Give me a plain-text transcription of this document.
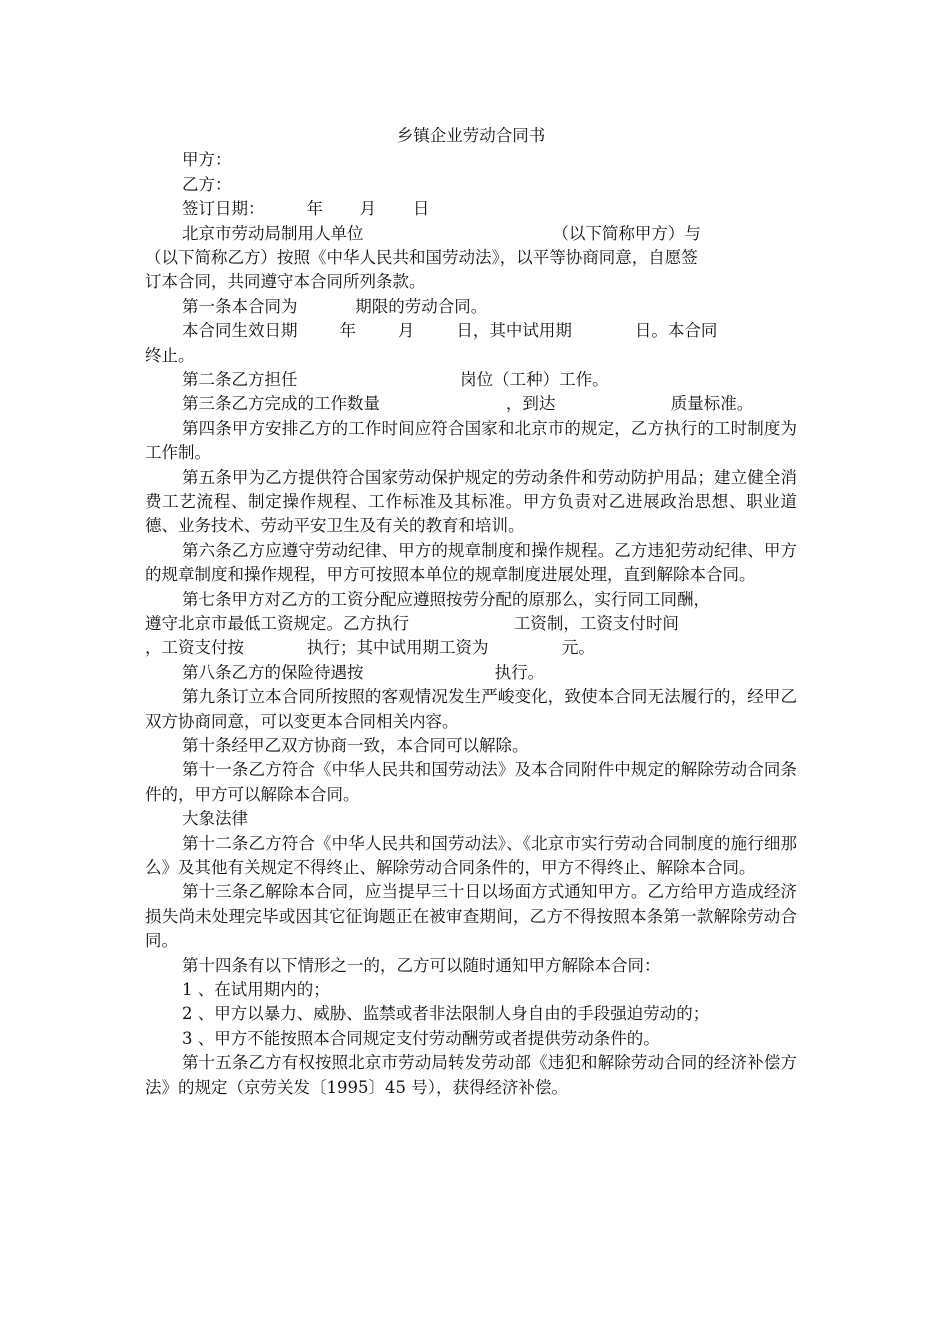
乡镇企业劳动合同书

甲方：

乙方：

签订日期：        年       月       日

北京市劳动局制用人单位                                    （以下简称甲方）与

（以下简称乙方）按照《中华人民共和国劳动法》，以平等协商同意，自愿签

订本合同，共同遵守本合同所列条款。

第一条本合同为           期限的劳动合同。

本合同生效日期        年        月        日，其中试用期            日。本合同

终止。

第二条乙方担任                               岗位（工种）工作。

第三条乙方完成的工作数量                        ，到达                      质量标准。

第四条甲方安排乙方的工作时间应符合国家和北京市的规定，乙方执行的工时制度为 工作制。

第五条甲为乙方提供符合国家劳动保护规定的劳动条件和劳动防护用品；建立健全消费工艺流程、制定操作规程、工作标准及其标准。甲方负责对乙进展政治思想、职业道德、业务技术、劳动平安卫生及有关的教育和培训。

第六条乙方应遵守劳动纪律、甲方的规章制度和操作规程。乙方违犯劳动纪律、甲方的规章制度和操作规程，甲方可按照本单位的规章制度进展处理，直到解除本合同。

第七条甲方对乙方的工资分配应遵照按劳分配的原那么，实行同工同酬，

遵守北京市最低工资规定。乙方执行                    工资制，工资支付时间

，工资支付按            执行；其中试用期工资为              元。

第八条乙方的保险待遇按                         执行。

第九条订立本合同所按照的客观情况发生严峻变化，致使本合同无法履行的，经甲乙双方协商同意，可以变更本合同相关内容。

第十条经甲乙双方协商一致，本合同可以解除。

第十一条乙方符合《中华人民共和国劳动法》及本合同附件中规定的解除劳动合同条件的，甲方可以解除本合同。

大象法律

第十二条乙方符合《中华人民共和国劳动法》、《北京市实行劳动合同制度的施行细那么》及其他有关规定不得终止、解除劳动合同条件的，甲方不得终止、解除本合同。

第十三条乙解除本合同，应当提早三十日以场面方式通知甲方。乙方给甲方造成经济损失尚未处理完毕或因其它征询题正在被审查期间，乙方不得按照本条第一款解除劳动合同。

第十四条有以下情形之一的，乙方可以随时通知甲方解除本合同：

1 、在试用期内的；

2 、甲方以暴力、威胁、监禁或者非法限制人身自由的手段强迫劳动的；

3 、甲方不能按照本合同规定支付劳动酬劳或者提供劳动条件的。

第十五条乙方有权按照北京市劳动局转发劳动部《违犯和解除劳动合同的经济补偿方法》的规定（京劳关发〔1995〕45 号），获得经济补偿。
